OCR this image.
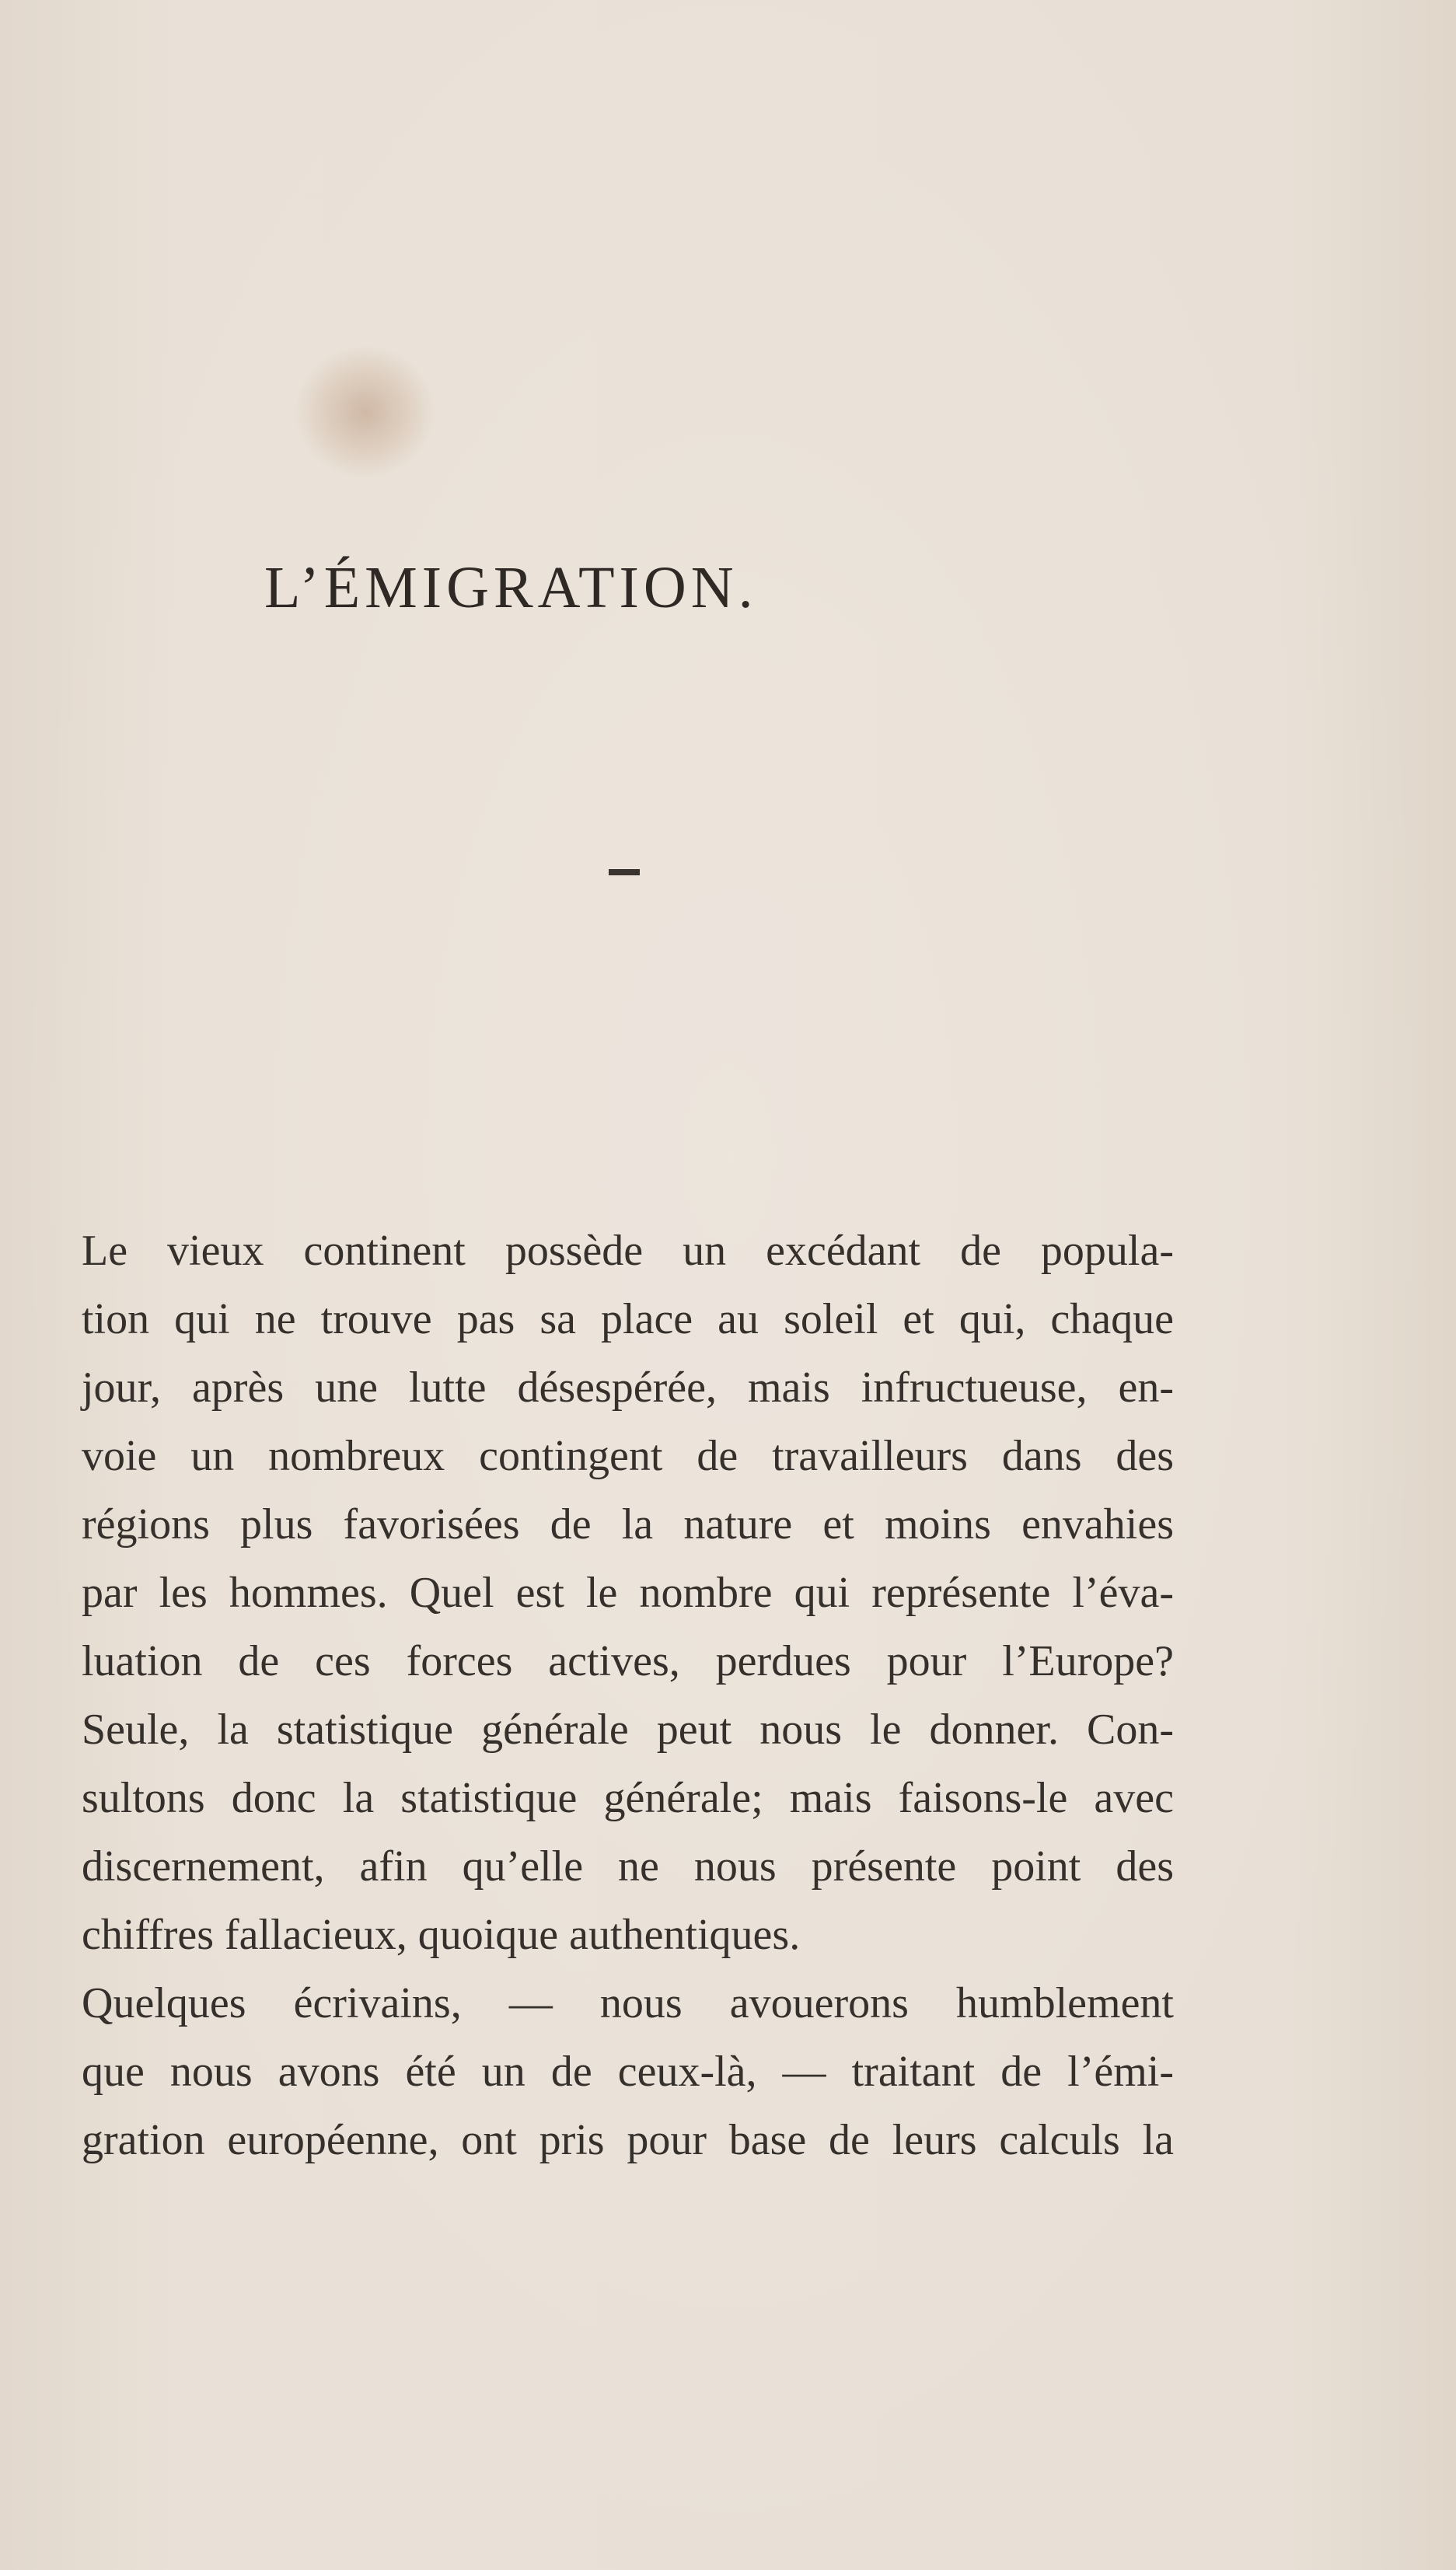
L’ÉMIGRATION.

Le vieux continent possède un excédant de popula-
tion qui ne trouve pas sa place au soleil et qui, chaque
jour, après une lutte désespérée, mais infructueuse, en-
voie un nombreux contingent de travailleurs dans des
régions plus favorisées de la nature et moins envahies
par les hommes. Quel est le nombre qui représente l’éva-
luation de ces forces actives, perdues pour l’Europe?
Seule, la statistique générale peut nous le donner. Con-
sultons donc la statistique générale; mais faisons-le avec
discernement, afin qu’elle ne nous présente point des
chiffres fallacieux, quoique authentiques.

Quelques écrivains, — nous avouerons humblement
que nous avons été un de ceux-là, — traitant de l’émi-
gration européenne, ont pris pour base de leurs calculs la
